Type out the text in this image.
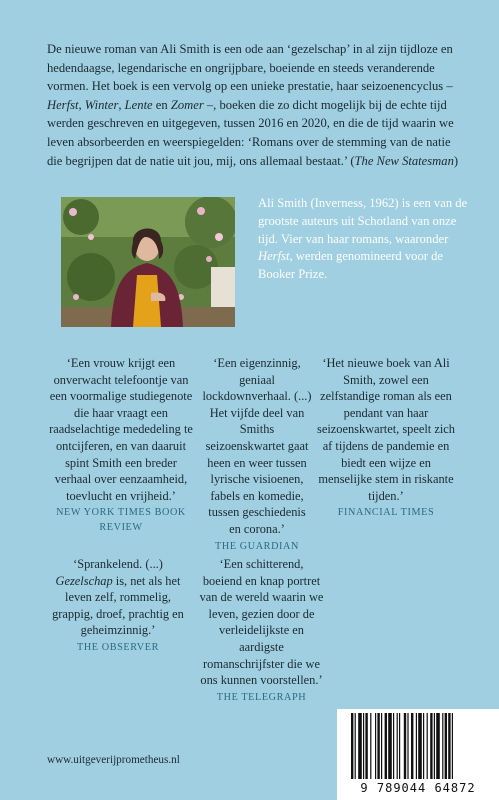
De nieuwe roman van Ali Smith is een ode aan ‘gezelschap’ in al zijn tijdloze en hedendaagse, legendarische en ongrijpbare, boeiende en steeds veranderende vormen. Het boek is een vervolg op een unieke prestatie, haar seizoenencyclus – Herfst, Winter, Lente en Zomer –, boeken die zo dicht mogelijk bij de echte tijd werden geschreven en uitgegeven, tussen 2016 en 2020, en die de tijd waarin we leven absorbeerden en weerspiegelden: ‘Romans over de stemming van de natie die begrijpen dat de natie uit jou, mij, ons allemaal bestaat.’ (The New Statesman)
Ali Smith (Inverness, 1962) is een van de grootste auteurs uit Schotland van onze tijd. Vier van haar romans, waaronder Herfst, werden genomineerd voor de Booker Prize.
‘Een vrouw krijgt een onverwacht telefoontje van een voormalige studiegenote die haar vraagt een raadselachtige mededeling te ontcijferen, en van daaruit spint Smith een breder verhaal over eenzaamheid, toevlucht en vrijheid.’
NEW YORK TIMES BOOK REVIEW
‘Een eigenzinnig, geniaal lockdownverhaal. (...) Het vijfde deel van Smiths seizoenskwartet gaat heen en weer tussen lyrische visioenen, fabels en komedie, tussen geschiedenis en corona.’
THE GUARDIAN
‘Het nieuwe boek van Ali Smith, zowel een zelfstandige roman als een pendant van haar seizoenskwartet, speelt zich af tijdens de pandemie en biedt een wijze en menselijke stem in riskante tijden.’
FINANCIAL TIMES
‘Sprankelend. (...) Gezelschap is, net als het leven zelf, rommelig, grappig, droef, prachtig en geheimzinnig.’
THE OBSERVER
‘Een schitterend, boeiend en knap portret van de wereld waarin we leven, gezien door de verleidelijkste en aardigste romanschrijfster die we ons kunnen voorstellen.’
THE TELEGRAPH
www.uitgeverijprometheus.nl
9 789044 64872
